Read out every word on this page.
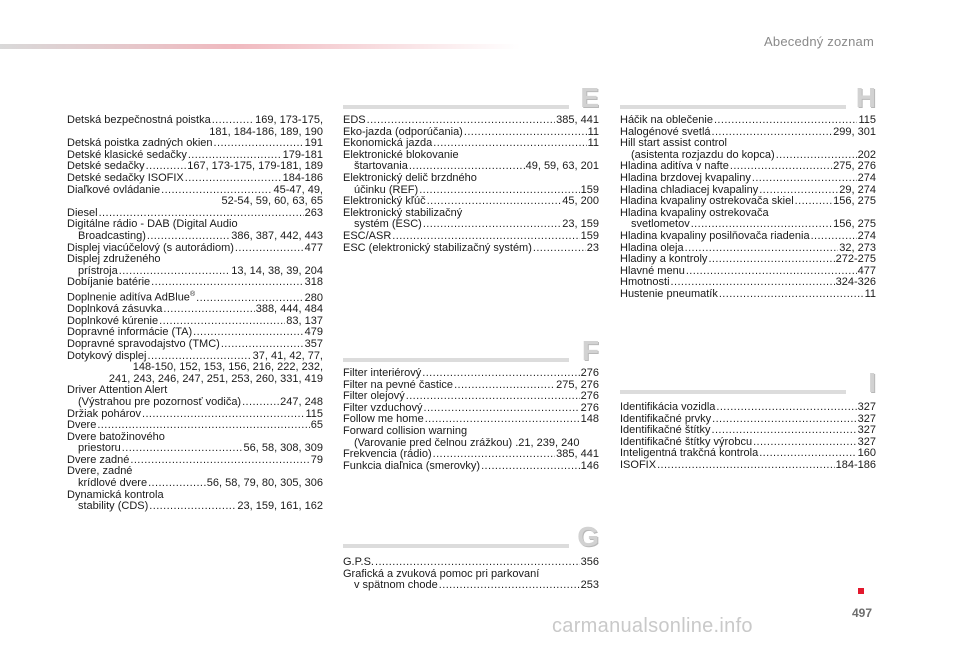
Abecedný zoznam
Detská bezpečnostná poistka .....	169, 173-175,
181, 184-186, 189, 190
Detská poistka zadných okien .....	191
Detské klasické sedačky .....	179-181
Detské sedačky .....	167, 173-175, 179-181, 189
Detské sedačky ISOFIX .....	184-186
Diaľkové ovládanie .....	45-47, 49,
52-54, 59, 60, 63, 65
Diesel .....	263
Digitálne rádio - DAB (Digital Audio
Broadcasting) .....	386, 387, 442, 443
Displej viacúčelový (s autorádiom) .....	477
Displej združeného
prístroja .....	13, 14, 38, 39, 204
Dobíjanie batérie .....	318
Doplnenie aditíva AdBlue® .....	280
Doplnková zásuvka .....	388, 444, 484
Doplnkové kúrenie .....	83, 137
Dopravné informácie (TA) .....	479
Dopravné spravodajstvo (TMC) .....	357
Dotykový displej .....	37, 41, 42, 77,
148-150, 152, 153, 156, 216, 222, 232,
241, 243, 246, 247, 251, 253, 260, 331, 419
Driver Attention Alert
(Výstrahou pre pozornosť vodiča) .....	247, 248
Držiak pohárov .....	115
Dvere .....	65
Dvere batožinového
priestoru .....	56, 58, 308, 309
Dvere zadné .....	79
Dvere, zadné
krídlové dvere .....	56, 58, 79, 80, 305, 306
Dynamická kontrola
stability (CDS) .....	23, 159, 161, 162
E
EDS .....	385, 441
Eko-jazda (odporúčania) .....	11
Ekonomická jazda .....	11
Elektronické blokovanie
štartovania .....	49, 59, 63, 201
Elektronický delič brzdného
účinku (REF) .....	159
Elektronický kľúč .....	45, 200
Elektronický stabilizačný
systém (ESC) .....	23, 159
ESC/ASR .....	159
ESC (elektronický stabilizačný systém) .....	23
F
Filter interiérový .....	276
Filter na pevné častice .....	275, 276
Filter olejový .....	276
Filter vzduchový .....	276
Follow me home .....	148
Forward collision warning
(Varovanie pred čelnou zrážkou) .21, 239, 240
Frekvencia (rádio) .....	385, 441
Funkcia diaľnica (smerovky) .....	146
G
G.P.S. .....	356
Grafická a zvuková pomoc pri parkovaní
v spätnom chode .....	253
H
Háčik na oblečenie .....	115
Halogénové svetlá .....	299, 301
Hill start assist control
(asistenta rozjazdu do kopca) .....	202
Hladina aditíva v nafte .....	275, 276
Hladina brzdovej kvapaliny .....	274
Hladina chladiacej kvapaliny .....	29, 274
Hladina kvapaliny ostrekovača skiel .....	156, 275
Hladina kvapaliny ostrekovača
svetlometov .....	156, 275
Hladina kvapaliny posilňovača riadenia .....	274
Hladina oleja .....	32, 273
Hladiny a kontroly .....	272-275
Hlavné menu .....	477
Hmotnosti .....	324-326
Hustenie pneumatík .....	11
I
Identifikácia vozidla .....	327
Identifikačné prvky .....	327
Identifikačné štítky .....	327
Identifikačné štítky výrobcu .....	327
Inteligentná trakčná kontrola .....	160
ISOFIX .....	184-186
497
carmanualsonline.info
